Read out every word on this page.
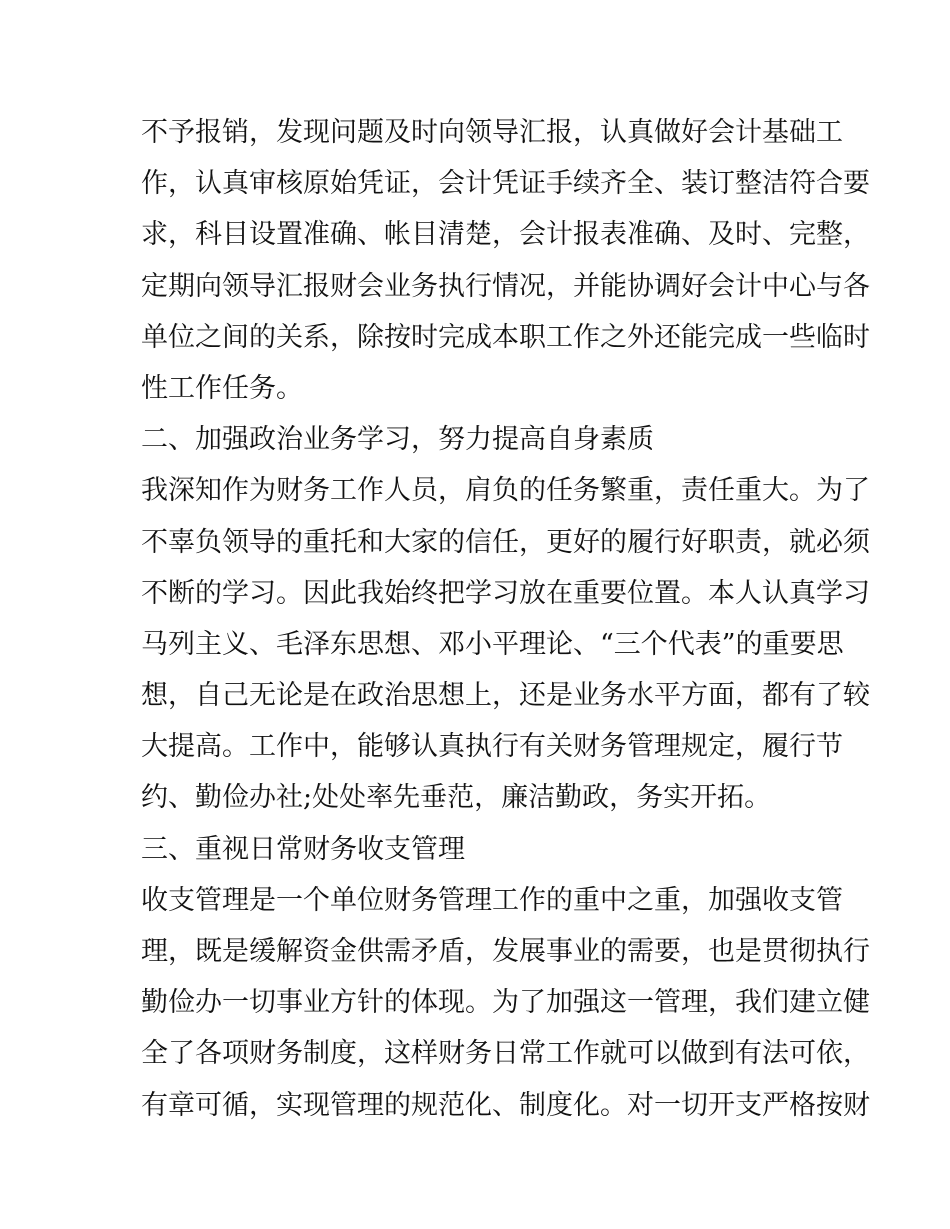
不予报销，发现问题及时向领导汇报，认真做好会计基础工
作，认真审核原始凭证，会计凭证手续齐全、装订整洁符合要
求，科目设置准确、帐目清楚，会计报表准确、及时、完整，
定期向领导汇报财会业务执行情况，并能协调好会计中心与各
单位之间的关系，除按时完成本职工作之外还能完成一些临时
性工作任务。
二、加强政治业务学习，努力提高自身素质
我深知作为财务工作人员，肩负的任务繁重，责任重大。为了
不辜负领导的重托和大家的信任，更好的履行好职责，就必须
不断的学习。因此我始终把学习放在重要位置。本人认真学习
马列主义、毛泽东思想、邓小平理论、“三个代表”的重要思
想，自己无论是在政治思想上，还是业务水平方面，都有了较
大提高。工作中，能够认真执行有关财务管理规定，履行节
约、勤俭办社;处处率先垂范，廉洁勤政，务实开拓。
三、重视日常财务收支管理
收支管理是一个单位财务管理工作的重中之重，加强收支管
理，既是缓解资金供需矛盾，发展事业的需要，也是贯彻执行
勤俭办一切事业方针的体现。为了加强这一管理，我们建立健
全了各项财务制度，这样财务日常工作就可以做到有法可依，
有章可循，实现管理的规范化、制度化。对一切开支严格按财
